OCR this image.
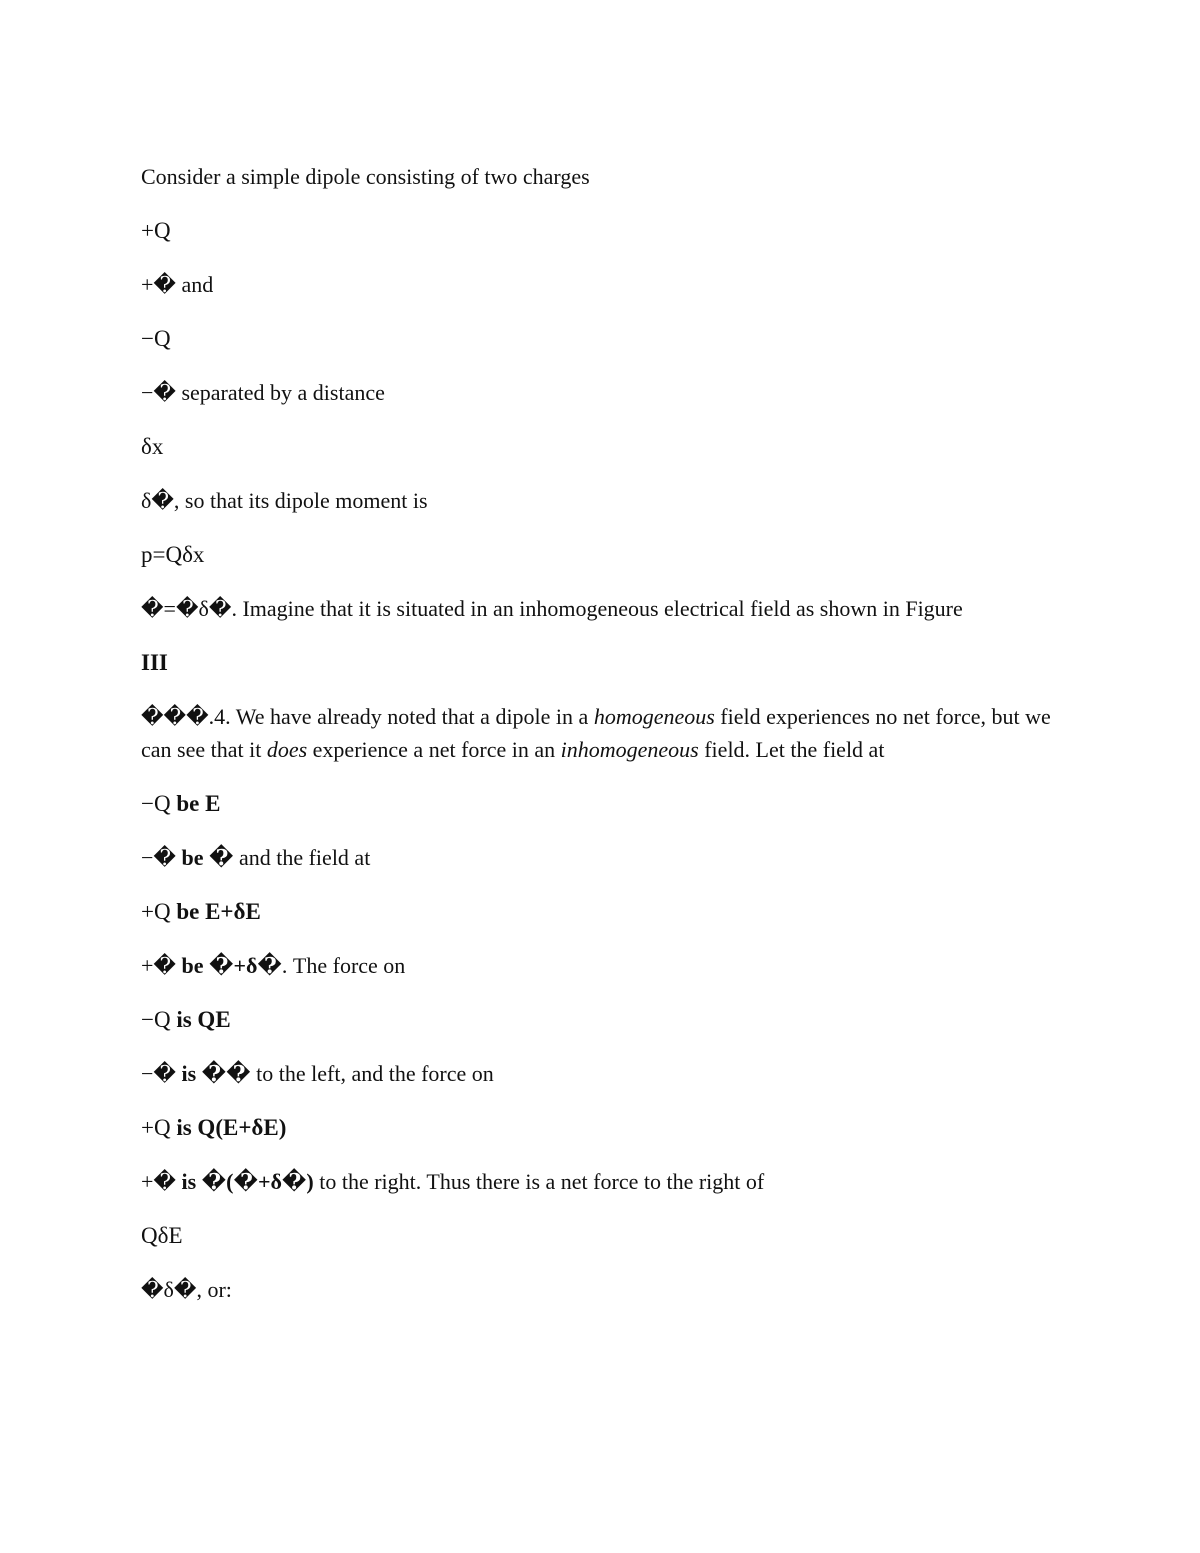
Consider a simple dipole consisting of two charges

+Q

+� and

−Q

−� separated by a distance

δx

δ�, so that its dipole moment is

p=Qδx

�=�δ�. Imagine that it is situated in an inhomogeneous electrical field as shown in Figure

III

���.4. We have already noted that a dipole in a homogeneous field experiences no net force, but we can see that it does experience a net force in an inhomogeneous field. Let the field at

−Q be E

−� be � and the field at

+Q be E+δE

+� be �+δ�. The force on

−Q is QE

−� is �� to the left, and the force on

+Q is Q(E+δE)

+� is �(�+δ�) to the right. Thus there is a net force to the right of

QδE

�δ�, or:
